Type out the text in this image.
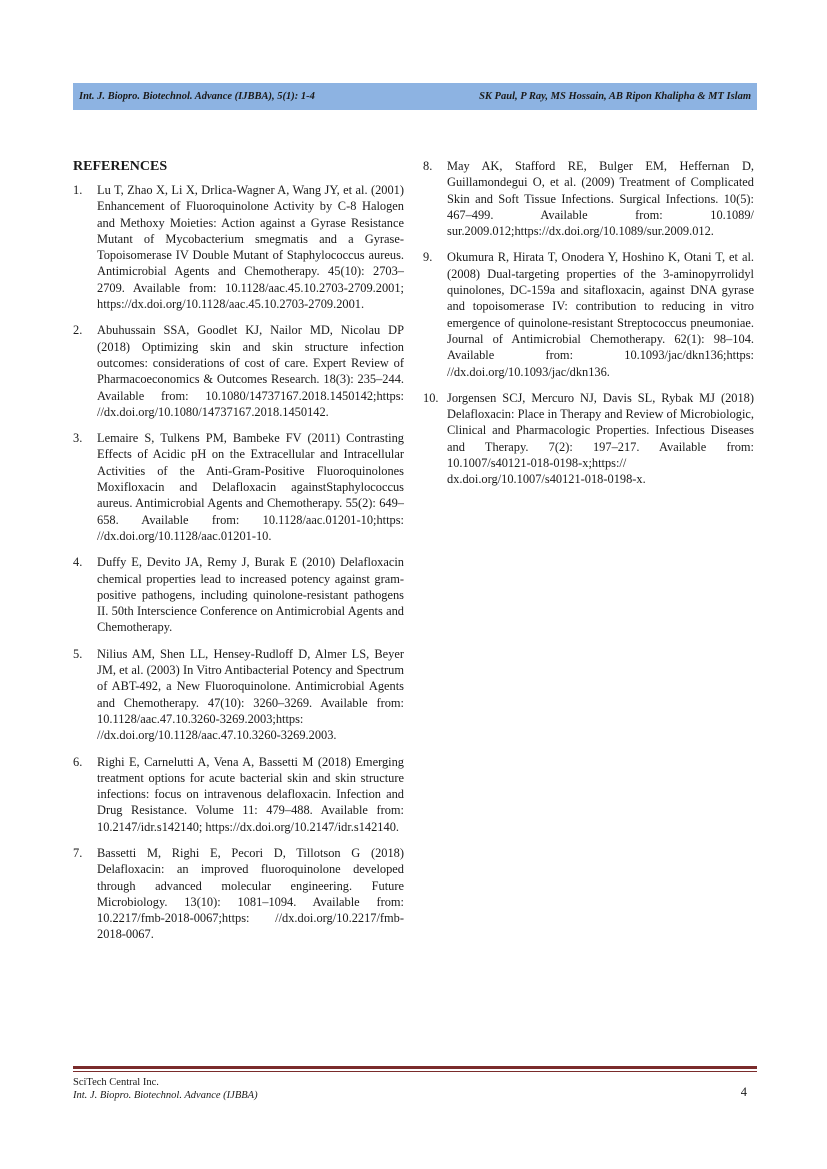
Int. J. Biopro. Biotechnol. Advance (IJBBA), 5(1): 1-4	SK Paul, P Ray, MS Hossain, AB Ripon Khalipha & MT Islam
REFERENCES
1. Lu T, Zhao X, Li X, Drlica-Wagner A, Wang JY, et al. (2001) Enhancement of Fluoroquinolone Activity by C-8 Halogen and Methoxy Moieties: Action against a Gyrase Resistance Mutant of Mycobacterium smegmatis and a Gyrase-Topoisomerase IV Double Mutant of Staphylococcus aureus. Antimicrobial Agents and Chemotherapy. 45(10): 2703–2709. Available from: 10.1128/aac.45.10.2703-2709.2001; https://dx.doi.org/10.1128/aac.45.10.2703-2709.2001.
2. Abuhussain SSA, Goodlet KJ, Nailor MD, Nicolau DP (2018) Optimizing skin and skin structure infection outcomes: considerations of cost of care. Expert Review of Pharmacoeconomics & Outcomes Research. 18(3): 235–244. Available from: 10.1080/14737167.2018.1450142;https: //dx.doi.org/10.1080/14737167.2018.1450142.
3. Lemaire S, Tulkens PM, Bambeke FV (2011) Contrasting Effects of Acidic pH on the Extracellular and Intracellular Activities of the Anti-Gram-Positive Fluoroquinolones Moxifloxacin and Delafloxacin againstStaphylococcus aureus. Antimicrobial Agents and Chemotherapy. 55(2): 649–658. Available from: 10.1128/aac.01201-10;https: //dx.doi.org/10.1128/aac.01201-10.
4. Duffy E, Devito JA, Remy J, Burak E (2010) Delafloxacin chemical properties lead to increased potency against gram-positive pathogens, including quinolone-resistant pathogens II. 50th Interscience Conference on Antimicrobial Agents and Chemotherapy.
5. Nilius AM, Shen LL, Hensey-Rudloff D, Almer LS, Beyer JM, et al. (2003) In Vitro Antibacterial Potency and Spectrum of ABT-492, a New Fluoroquinolone. Antimicrobial Agents and Chemotherapy. 47(10): 3260–3269. Available from: 10.1128/aac.47.10.3260-3269.2003;https: //dx.doi.org/10.1128/aac.47.10.3260-3269.2003.
6. Righi E, Carnelutti A, Vena A, Bassetti M (2018) Emerging treatment options for acute bacterial skin and skin structure infections: focus on intravenous delafloxacin. Infection and Drug Resistance. Volume 11: 479–488. Available from: 10.2147/idr.s142140; https://dx.doi.org/10.2147/idr.s142140.
7. Bassetti M, Righi E, Pecori D, Tillotson G (2018) Delafloxacin: an improved fluoroquinolone developed through advanced molecular engineering. Future Microbiology. 13(10): 1081–1094. Available from: 10.2217/fmb-2018-0067;https: //dx.doi.org/10.2217/fmb-2018-0067.
8. May AK, Stafford RE, Bulger EM, Heffernan D, Guillamondegui O, et al. (2009) Treatment of Complicated Skin and Soft Tissue Infections. Surgical Infections. 10(5): 467–499. Available from: 10.1089/ sur.2009.012;https://dx.doi.org/10.1089/sur.2009.012.
9. Okumura R, Hirata T, Onodera Y, Hoshino K, Otani T, et al. (2008) Dual-targeting properties of the 3-aminopyrrolidyl quinolones, DC-159a and sitafloxacin, against DNA gyrase and topoisomerase IV: contribution to reducing in vitro emergence of quinolone-resistant Streptococcus pneumoniae. Journal of Antimicrobial Chemotherapy. 62(1): 98–104. Available from: 10.1093/jac/dkn136;https: //dx.doi.org/10.1093/jac/dkn136.
10. Jorgensen SCJ, Mercuro NJ, Davis SL, Rybak MJ (2018) Delafloxacin: Place in Therapy and Review of Microbiologic, Clinical and Pharmacologic Properties. Infectious Diseases and Therapy. 7(2): 197–217. Available from: 10.1007/s40121-018-0198-x;https:// dx.doi.org/10.1007/s40121-018-0198-x.
SciTech Central Inc.
Int. J. Biopro. Biotechnol. Advance (IJBBA)	4
